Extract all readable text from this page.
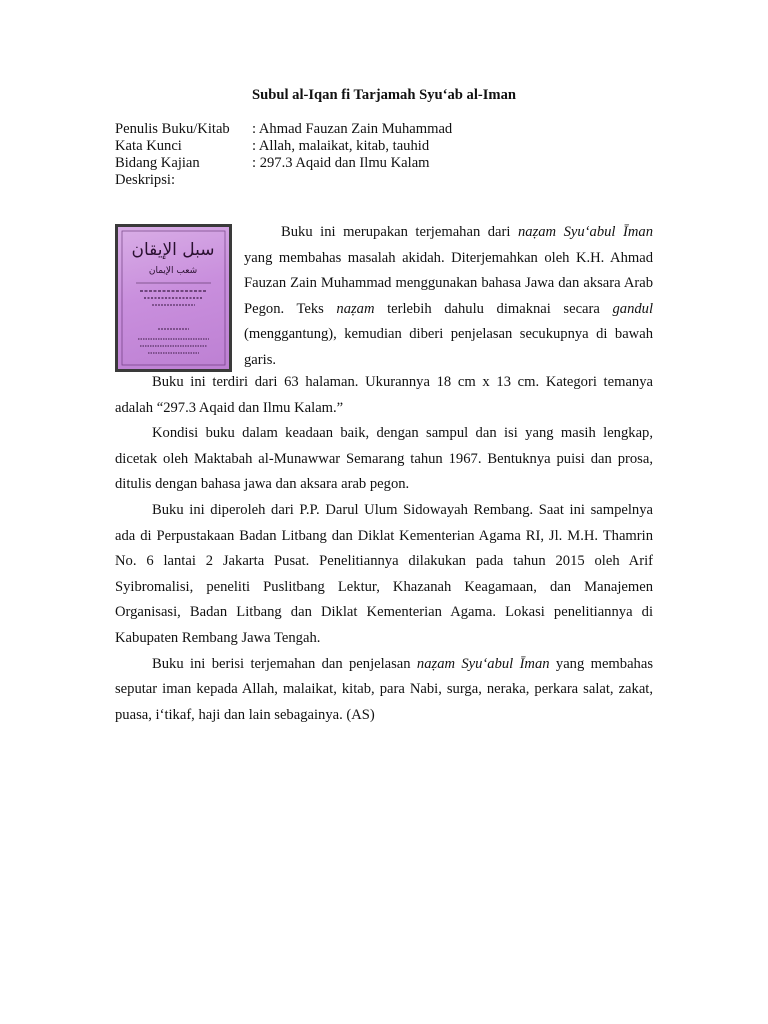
Subul al-Iqan fi Tarjamah Syu‘ab al-Iman
Penulis Buku/Kitab : Ahmad Fauzan Zain Muhammad
Kata Kunci	: Allah, malaikat, kitab, tauhid
Bidang Kajian	: 297.3 Aqaid dan Ilmu Kalam
Deskripsi:
سبل الإيقان
شعب الإيمان
Buku ini merupakan terjemahan dari naẓam Syu‘abul Īman yang membahas masalah akidah. Diterjemahkan oleh K.H. Ahmad Fauzan Zain Muhammad menggunakan bahasa Jawa dan aksara Arab Pegon. Teks naẓam terlebih dahulu dimaknai secara gandul (menggantung), kemudian diberi penjelasan secukupnya di bawah garis.

Buku ini terdiri dari 63 halaman. Ukurannya 18 cm x 13 cm. Kategori temanya adalah “297.3 Aqaid dan Ilmu Kalam.”

Kondisi buku dalam keadaan baik, dengan sampul dan isi yang masih lengkap, dicetak oleh Maktabah al-Munawwar Semarang tahun 1967. Bentuknya puisi dan prosa, ditulis dengan bahasa jawa dan aksara arab pegon.

Buku ini diperoleh dari P.P. Darul Ulum Sidowayah Rembang. Saat ini sampelnya ada di Perpustakaan Badan Litbang dan Diklat Kementerian Agama RI, Jl. M.H. Thamrin No. 6 lantai 2 Jakarta Pusat. Penelitiannya dilakukan pada tahun 2015 oleh Arif Syibromalisi, peneliti Puslitbang Lektur, Khazanah Keagamaan, dan Manajemen Organisasi, Badan Litbang dan Diklat Kementerian Agama. Lokasi penelitiannya di Kabupaten Rembang Jawa Tengah.

Buku ini berisi terjemahan dan penjelasan naẓam Syu‘abul Īman yang membahas seputar iman kepada Allah, malaikat, kitab, para Nabi, surga, neraka, perkara salat, zakat, puasa, i‘tikaf, haji dan lain sebagainya. (AS)
